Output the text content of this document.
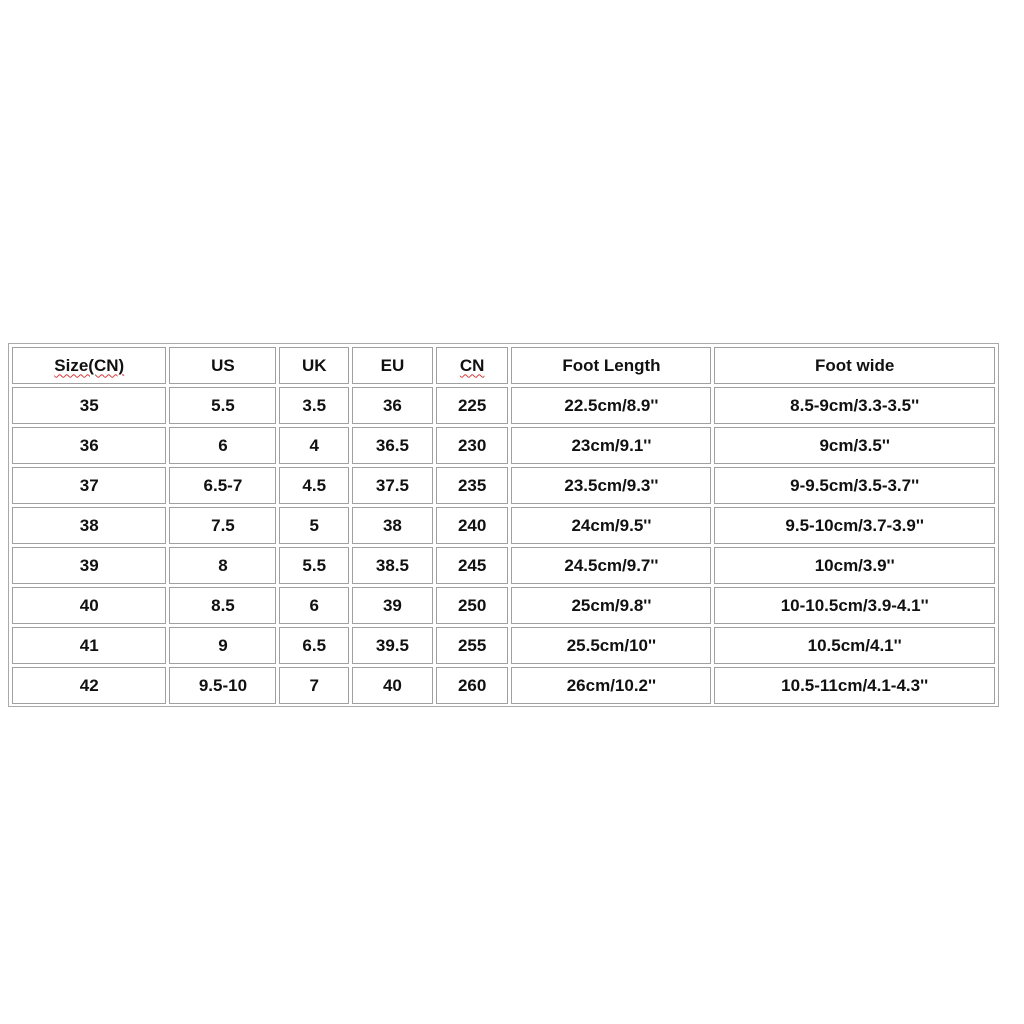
Size(CN)	US	UK	EU	CN	Foot Length	Foot wide
35	5.5	3.5	36	225	22.5cm/8.9''	8.5-9cm/3.3-3.5''
36	6	4	36.5	230	23cm/9.1''	9cm/3.5''
37	6.5-7	4.5	37.5	235	23.5cm/9.3''	9-9.5cm/3.5-3.7''
38	7.5	5	38	240	24cm/9.5''	9.5-10cm/3.7-3.9''
39	8	5.5	38.5	245	24.5cm/9.7''	10cm/3.9''
40	8.5	6	39	250	25cm/9.8''	10-10.5cm/3.9-4.1''
41	9	6.5	39.5	255	25.5cm/10''	10.5cm/4.1''
42	9.5-10	7	40	260	26cm/10.2''	10.5-11cm/4.1-4.3''
